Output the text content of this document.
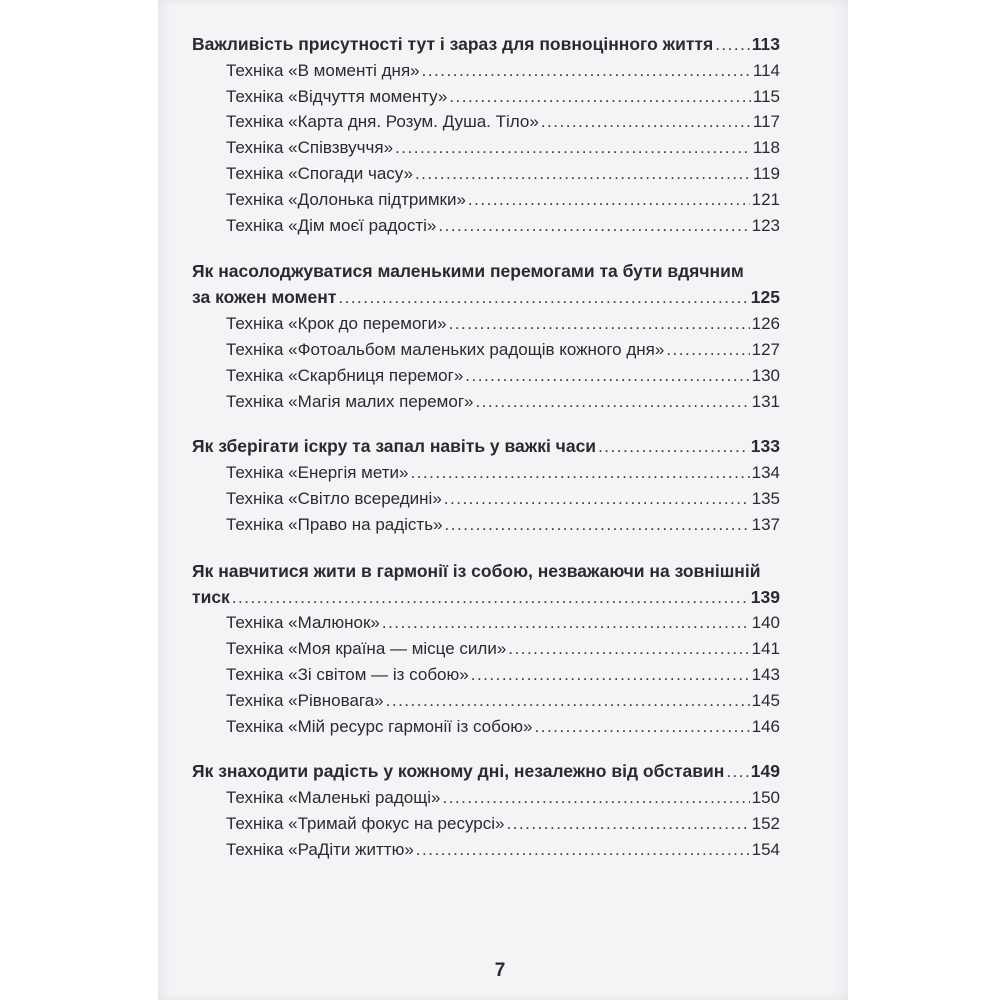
Важливість присутності тут і зараз для повноцінного життя ..... 113
Техніка «В моменті дня» .....	114
Техніка «Відчуття моменту» .....	115
Техніка «Карта дня. Розум. Душа. Тіло» .....	117
Техніка «Співзвуччя» .....	118
Техніка «Спогади часу» .....	119
Техніка «Долонька підтримки» .....	121
Техніка «Дім моєї радості» .....	123
Як насолоджуватися маленькими перемогами та бути вдячним
за кожен момент .....	125
Техніка «Крок до перемоги» .....	126
Техніка «Фотоальбом маленьких радощів кожного дня» .....	127
Техніка «Скарбниця перемог» .....	130
Техніка «Магія малих перемог» .....	131
Як зберігати іскру та запал навіть у важкі часи .....	133
Техніка «Енергія мети» .....	134
Техніка «Світло всередині» .....	135
Техніка «Право на радість» .....	137
Як навчитися жити в гармонії із собою, незважаючи на зовнішній
тиск .....	139
Техніка «Малюнок» .....	140
Техніка «Моя країна — місце сили» .....	141
Техніка «Зі світом — із собою» .....	143
Техніка «Рівновага» .....	145
Техніка «Мій ресурс гармонії із собою» .....	146
Як знаходити радість у кожному дні, незалежно від обставин ..... 149
Техніка «Маленькі радощі» .....	150
Техніка «Тримай фокус на ресурсі» .....	152
Техніка «РаДіти життю» .....	154
7
